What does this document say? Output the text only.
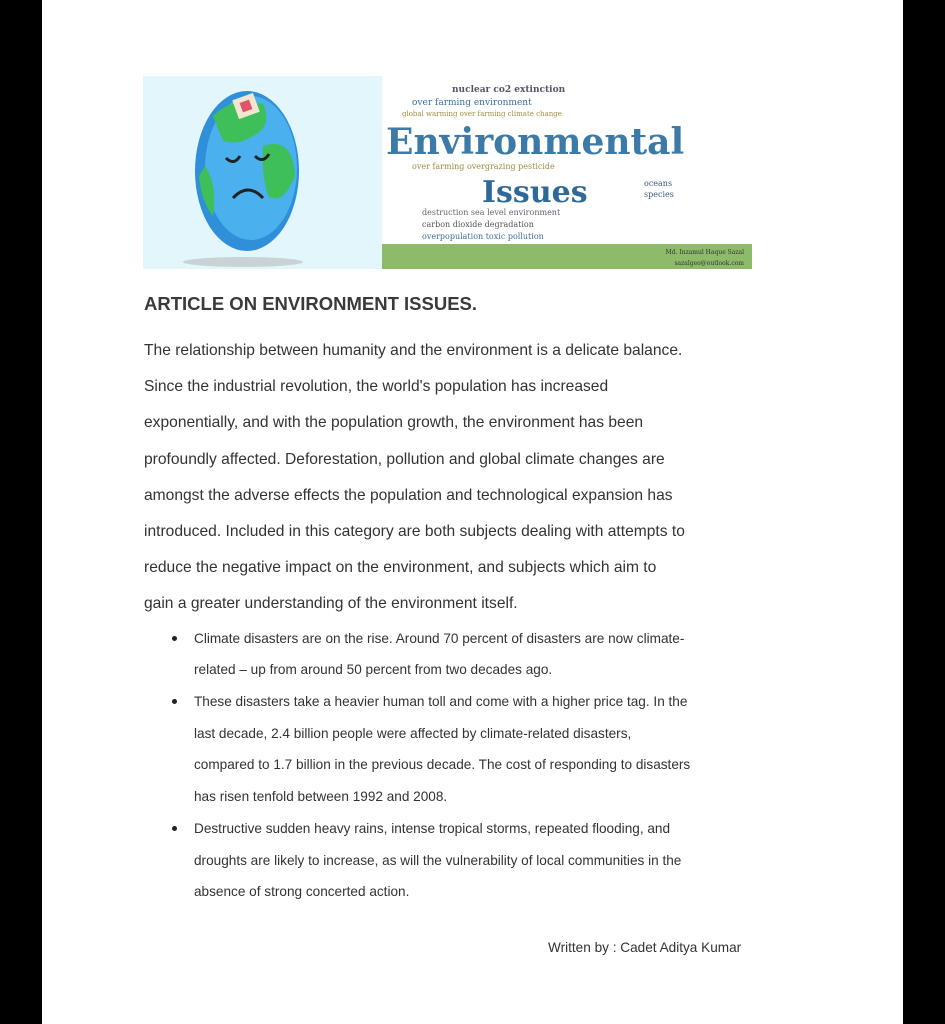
nuclear co2 extinction
over farming environment
global warming over farming climate change
Environmental
over farming overgrazing pesticide
Issues	oceans
species
destruction sea level environment
carbon dioxide degradation
overpopulation toxic pollution
Md. Inzamul Haque Sazal
sazalgeo@outlook.com
ARTICLE ON ENVIRONMENT ISSUES.

The relationship between humanity and the environment is a delicate balance.
Since the industrial revolution, the world's population has increased
exponentially, and with the population growth, the environment has been
profoundly affected. Deforestation, pollution and global climate changes are
amongst the adverse effects the population and technological expansion has
introduced. Included in this category are both subjects dealing with attempts to
reduce the negative impact on the environment, and subjects which aim to
gain a greater understanding of the environment itself.

Climate disasters are on the rise. Around 70 percent of disasters are now climate-
related – up from around 50 percent from two decades ago.
These disasters take a heavier human toll and come with a higher price tag. In the
last decade, 2.4 billion people were affected by climate-related disasters,
compared to 1.7 billion in the previous decade. The cost of responding to disasters
has risen tenfold between 1992 and 2008.
Destructive sudden heavy rains, intense tropical storms, repeated flooding, and
droughts are likely to increase, as will the vulnerability of local communities in the
absence of strong concerted action.
Written by : Cadet Aditya Kumar
